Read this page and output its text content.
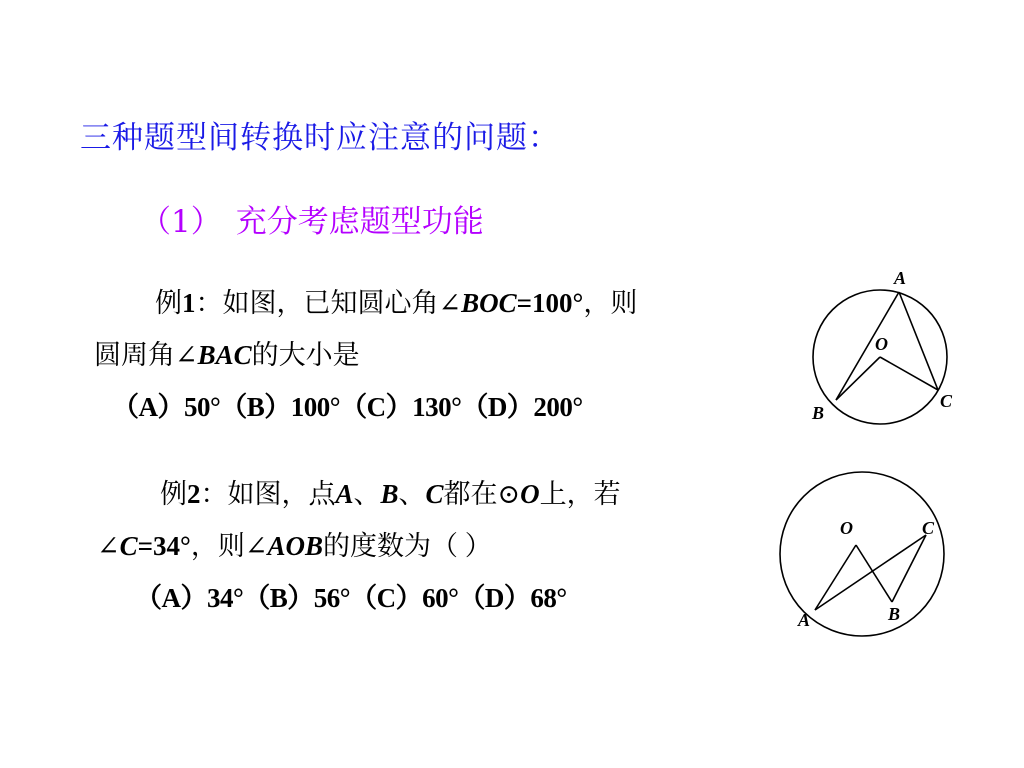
三种题型间转换时应注意的问题：
（1） 充分考虑题型功能
例1：如图，已知圆心角∠BOC=100°，则
圆周角∠BAC的大小是
（A）50°（B）100°（C）130°（D）200°
A
O
B
C
例2：如图，点A、B、C都在⊙O上，若
∠C=34°，则∠AOB的度数为（ ）
（A）34°（B）56°（C）60°（D）68°
O	C
A	B
